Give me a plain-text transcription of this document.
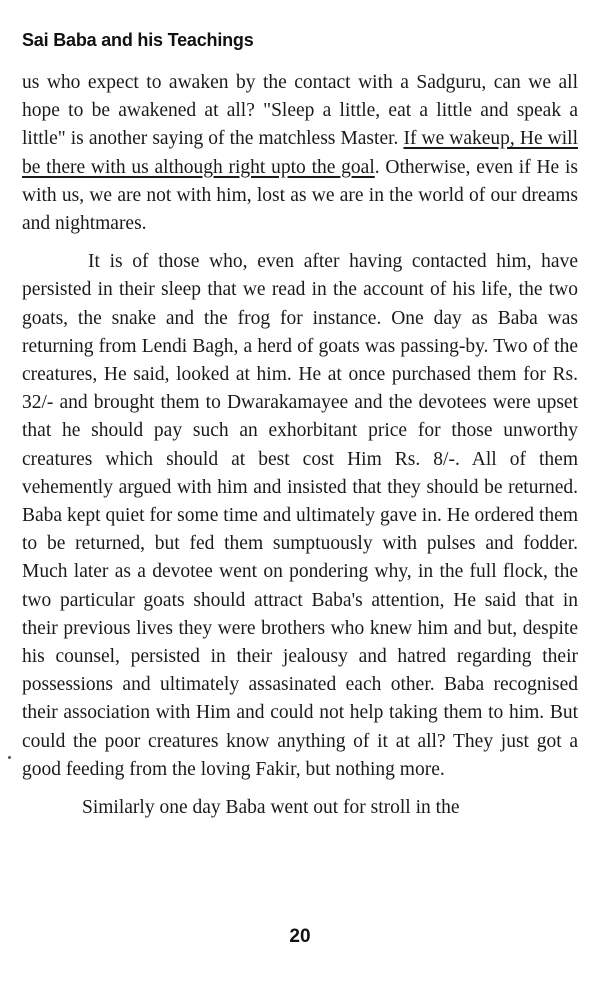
Sai Baba and his Teachings

us who expect to awaken by the contact with a Sadguru, can we all hope to be awakened at all? "Sleep a little, eat a little and speak a little" is another saying of the matchless Master. If we wakeup, He will be there with us although right upto the goal. Otherwise, even if He is with us, we are not with him, lost as we are in the world of our dreams and nightmares.

It is of those who, even after having contacted him, have persisted in their sleep that we read in the account of his life, the two goats, the snake and the frog for instance. One day as Baba was returning from Lendi Bagh, a herd of goats was passing-by. Two of the creatures, He said, looked at him. He at once purchased them for Rs. 32/- and brought them to Dwarakamayee and the devotees were upset that he should pay such an exhorbitant price for those unworthy creatures which should at best cost Him Rs. 8/-. All of them vehemently argued with him and insisted that they should be returned. Baba kept quiet for some time and ultimately gave in. He ordered them to be returned, but fed them sumptuously with pulses and fodder. Much later as a devotee went on pondering why, in the full flock, the two particular goats should attract Baba's attention, He said that in their previous lives they were brothers who knew him and but, despite his counsel, persisted in their jealousy and hatred regarding their possessions and ultimately assasinated each other. Baba recognised their association with Him and could not help taking them to him. But could the poor creatures know anything of it at all? They just got a good feeding from the loving Fakir, but nothing more.

Similarly one day Baba went out for stroll in the

20
